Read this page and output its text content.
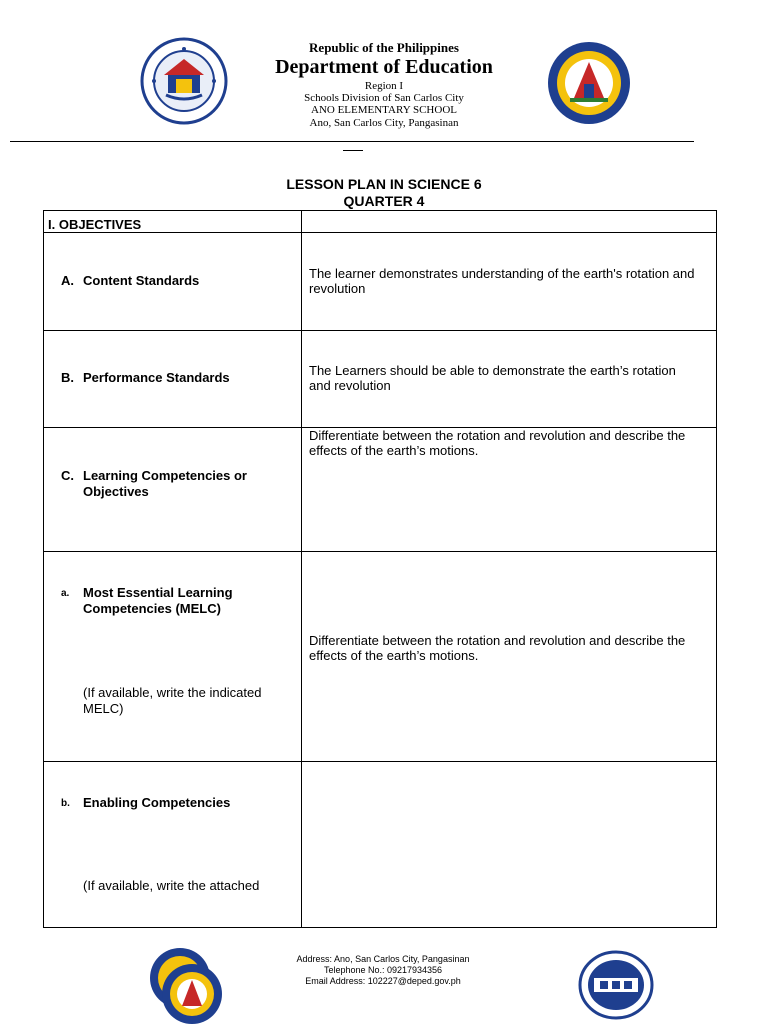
Republic of the Philippines
Department of Education
Region I
Schools Division of San Carlos City
ANO ELEMENTARY SCHOOL
Ano, San Carlos City, Pangasinan
LESSON PLAN IN SCIENCE 6
QUARTER 4
I. OBJECTIVES
A. Content Standards	The learner demonstrates understanding of the earth's rotation and revolution
B. Performance Standards	The Learners should be able to demonstrate the earth’s rotation and revolution
C. Learning Competencies or Objectives
Differentiate between the rotation and revolution and describe the effects of the earth’s motions.
a. Most Essential Learning Competencies (MELC)
(If available, write the indicated MELC)
Differentiate between the rotation and revolution and describe the effects of the earth’s motions.
b. Enabling Competencies
(If available, write the attached
Address: Ano, San Carlos City, Pangasinan
Telephone No.: 09217934356
Email Address: 102227@deped.gov.ph
